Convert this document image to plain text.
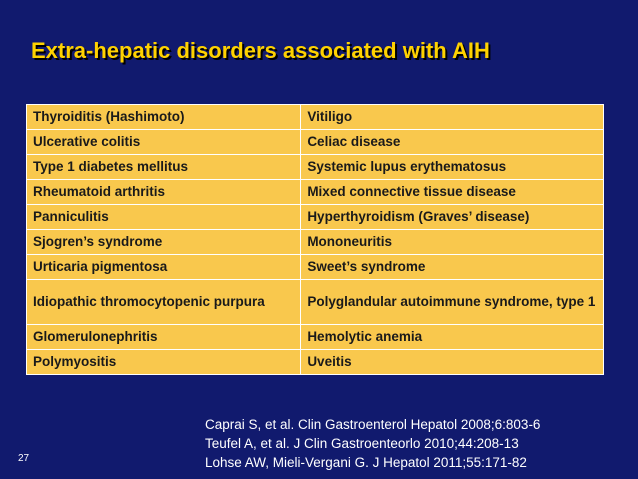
Extra-hepatic disorders associated with AIH
Thyroiditis (Hashimoto)	Vitiligo
Ulcerative colitis	Celiac disease
Type 1 diabetes mellitus	Systemic lupus erythematosus
Rheumatoid arthritis	Mixed connective tissue disease
Panniculitis	Hyperthyroidism (Graves’ disease)
Sjogren’s syndrome	Mononeuritis
Urticaria pigmentosa	Sweet’s syndrome
Idiopathic thromocytopenic purpura	Polyglandular autoimmune syndrome, type 1
Glomerulonephritis	Hemolytic anemia
Polymyositis	Uveitis
Caprai S, et al. Clin Gastroenterol Hepatol 2008;6:803-6
Teufel A, et al. J Clin Gastroenteorlo 2010;44:208-13
Lohse AW, Mieli-Vergani G. J Hepatol 2011;55:171-82
27
